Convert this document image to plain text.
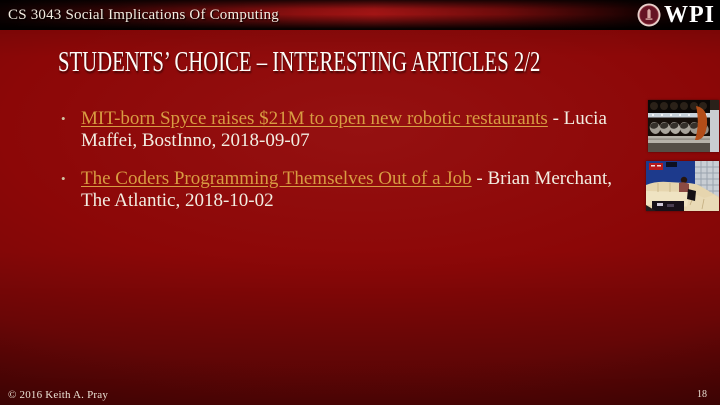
CS 3043 Social Implications Of Computing	WPI
STUDENTS’ CHOICE – INTERESTING ARTICLES 2/2
• MIT-born Spyce raises $21M to open new robotic restaurants - Lucia Maffei, BostInno, 2018-09-07
• The Coders Programming Themselves Out of a Job - Brian Merchant, The Atlantic, 2018-10-02
© 2016 Keith A. Pray	18
